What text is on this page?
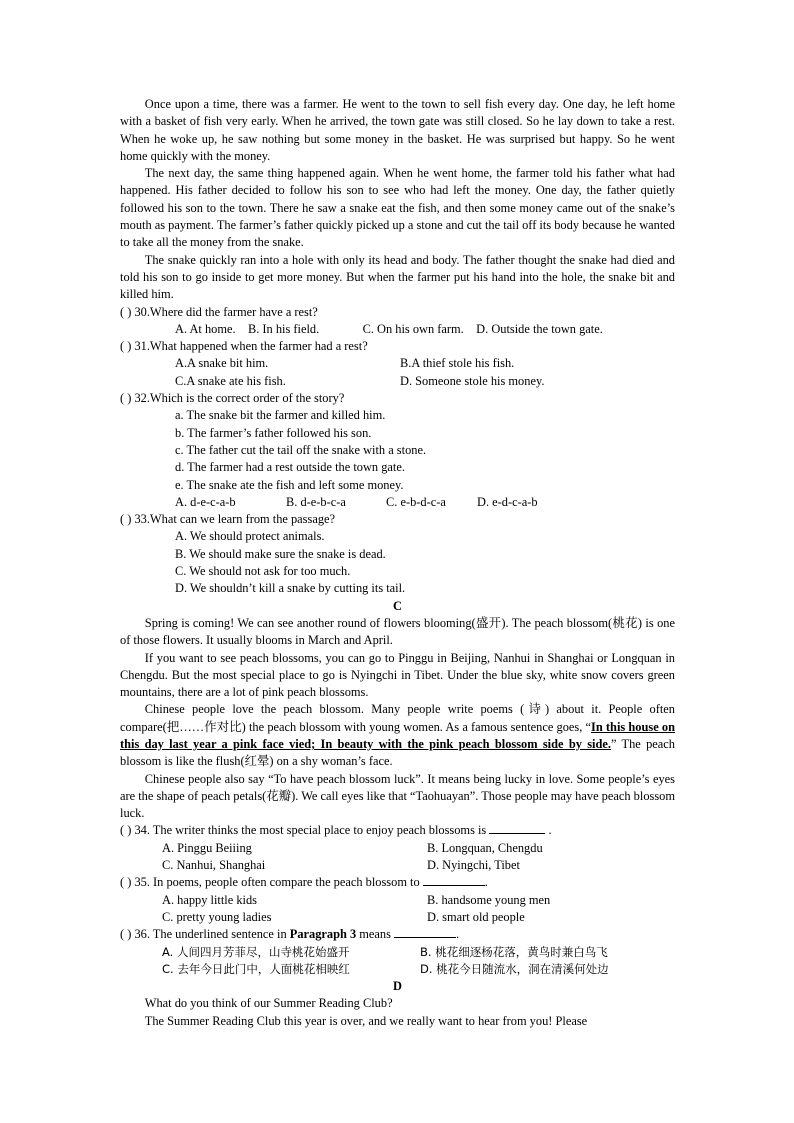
Once upon a time, there was a farmer. He went to the town to sell fish every day. One day, he left home with a basket of fish very early. When he arrived, the town gate was still closed. So he lay down to take a rest. When he woke up, he saw nothing but some money in the basket. He was surprised but happy. So he went home quickly with the money.

The next day, the same thing happened again. When he went home, the farmer told his father what had happened. His father decided to follow his son to see who had left the money. One day, the father quietly followed his son to the town. There he saw a snake eat the fish, and then some money came out of the snake’s mouth as payment. The farmer’s father quickly picked up a stone and cut the tail off its body because he wanted to take all the money from the snake.

The snake quickly ran into a hole with only its head and body. The father thought the snake had died and told his son to go inside to get more money. But when the farmer put his hand into the hole, the snake bit and killed him.

( ) 30.Where did the farmer have a rest?
A. At home. B. In his field.	C. On his own farm. D. Outside the town gate.
( ) 31.What happened when the farmer had a rest?
A.A snake bit him.	B.A thief stole his fish.
C.A snake ate his fish.	D. Someone stole his money.
( ) 32.Which is the correct order of the story?
a. The snake bit the farmer and killed him.
b. The farmer’s father followed his son.
c. The father cut the tail off the snake with a stone.
d. The farmer had a rest outside the town gate.
e. The snake ate the fish and left some money.
A. d-e-c-a-b	B. d-e-b-c-a	C. e-b-d-c-a	D. e-d-c-a-b
( ) 33.What can we learn from the passage?
A. We should protect animals.
B. We should make sure the snake is dead.
C. We should not ask for too much.
D. We shouldn’t kill a snake by cutting its tail.
C

Spring is coming! We can see another round of flowers blooming(盛开). The peach blossom(桃花) is one of those flowers. It usually blooms in March and April.

If you want to see peach blossoms, you can go to Pinggu in Beijing, Nanhui in Shanghai or Longquan in Chengdu. But the most special place to go is Nyingchi in Tibet. Under the blue sky, white snow covers green mountains, there are a lot of pink peach blossoms.

Chinese people love the peach blossom. Many people write poems (诗) about it. People often compare(把……作对比) the peach blossom with young women. As a famous sentence goes, “In this house on this day last year a pink face vied; In beauty with the pink peach blossom side by side.” The peach blossom is like the flush(红晕) on a shy woman’s face.

Chinese people also say “To have peach blossom luck”. It means being lucky in love. Some people’s eyes are the shape of peach petals(花瓣). We call eyes like that “Taohuayan”. Those people may have peach blossom luck.

( ) 34. The writer thinks the most special place to enjoy peach blossoms is	.
A. Pinggu Beiiing	B. Longquan, Chengdu
C. Nanhui, Shanghai	D. Nyingchi, Tibet
( ) 35. In poems, people often compare the peach blossom to	.
A. happy little kids	B. handsome young men
C. pretty young ladies	D. smart old people
( ) 36. The underlined sentence in Paragraph 3 means	.
A. 人间四月芳菲尽，山寺桃花始盛开	B. 桃花细逐杨花落，黄鸟时兼白鸟飞
C. 去年今日此门中，人面桃花相映红	D. 桃花今日随流水，洞在清溪何处边
D

What do you think of our Summer Reading Club?

The Summer Reading Club this year is over, and we really want to hear from you! Please
